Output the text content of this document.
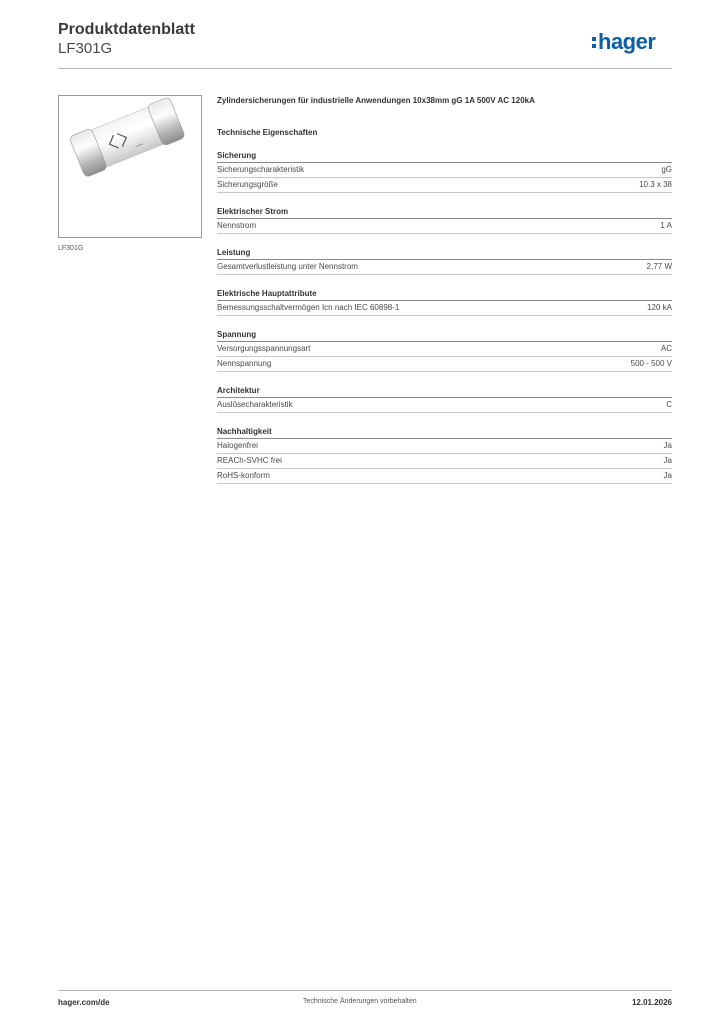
Produktdatenblatt
LF301G	hager
LF301G
Zylindersicherungen für industrielle Anwendungen 10x38mm gG 1A 500V AC 120kA
Technische Eigenschaften
Sicherung
Sicherungscharakteristik	gG
Sicherungsgröße	10.3 x 38
Elektrischer Strom
Nennstrom	1 A
Leistung
Gesamtverlustleistung unter Nennstrom	2,77 W
Elektrische Hauptattribute
Bemessungsschaltvermögen Icn nach IEC 60898-1	120 kA
Spannung
Versorgungsspannungsart	AC
Nennspannung	500 - 500 V
Architektur
Auslösecharakteristik	C
Nachhaltigkeit
Halogenfrei	Ja
REACh-SVHC frei	Ja
RoHS-konform	Ja
hager.com/de	Technische Änderungen vorbehalten	12.01.2026
